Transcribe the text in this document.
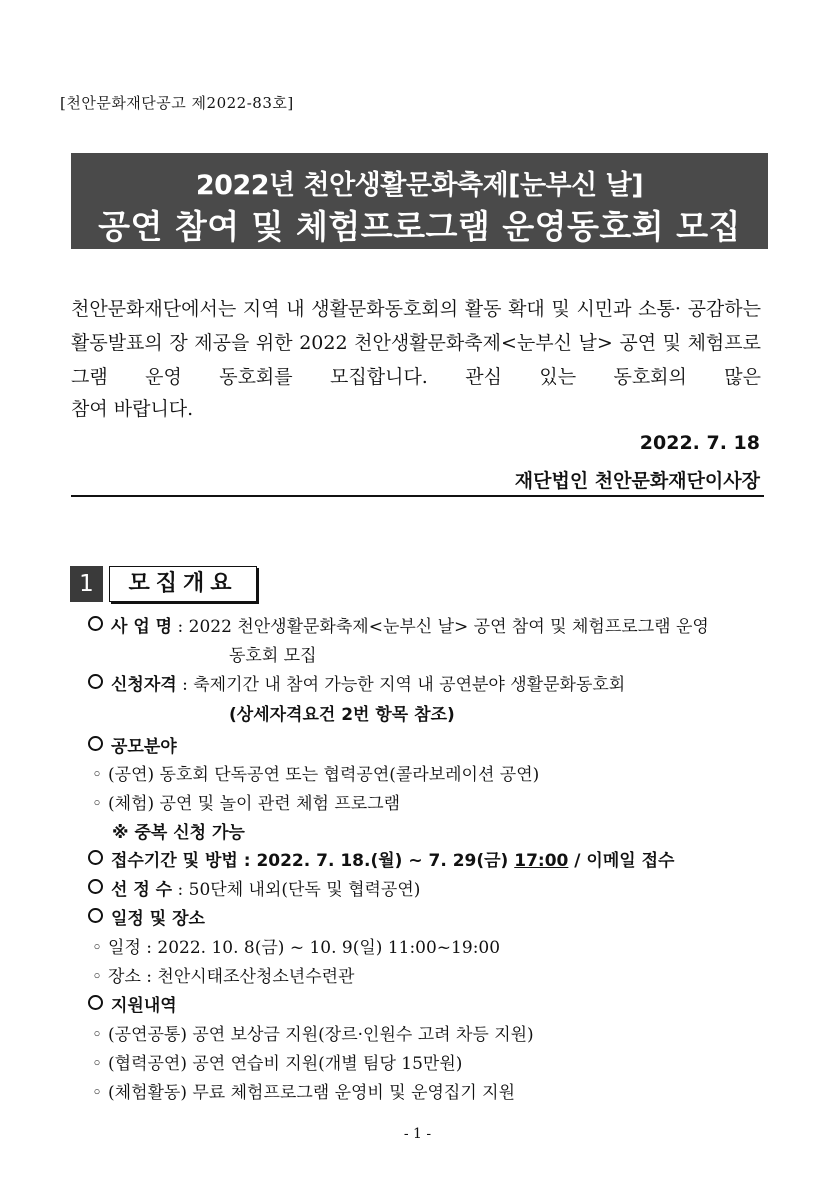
[천안문화재단공고 제2022-83호]
2022년 천안생활문화축제[눈부신 날]
공연 참여 및 체험프로그램 운영동호회 모집
천안문화재단에서는 지역 내 생활문화동호회의 활동 확대 및 시민과 소통· 공감하는 활동발표의 장 제공을 위한 2022 천안생활문화축제<눈부신 날> 공연 및 체험프로그램 운영 동호회를 모집합니다. 관심 있는 동호회의 많은
참여 바랍니다.
2022. 7. 18
재단법인 천안문화재단이사장
1	모집개요
사 업 명 : 2022 천안생활문화축제<눈부신 날> 공연 참여 및 체험프로그램 운영
동호회 모집
신청자격 : 축제기간 내 참여 가능한 지역 내 공연분야 생활문화동호회
(상세자격요건 2번 항목 참조)
공모분야
◦ (공연) 동호회 단독공연 또는 협력공연(콜라보레이션 공연)
◦ (체험) 공연 및 놀이 관련 체험 프로그램
※ 중복 신청 가능
접수기간 및 방법 : 2022. 7. 18.(월) ~ 7. 29(금) 17:00 / 이메일 접수
선 정 수 : 50단체 내외(단독 및 협력공연)
일정 및 장소
◦ 일정 : 2022. 10. 8(금) ~ 10. 9(일) 11:00~19:00
◦ 장소 : 천안시태조산청소년수련관
지원내역
◦ (공연공통) 공연 보상금 지원(장르·인원수 고려 차등 지원)
◦ (협력공연) 공연 연습비 지원(개별 팀당 15만원)
◦ (체험활동) 무료 체험프로그램 운영비 및 운영집기 지원
- 1 -
